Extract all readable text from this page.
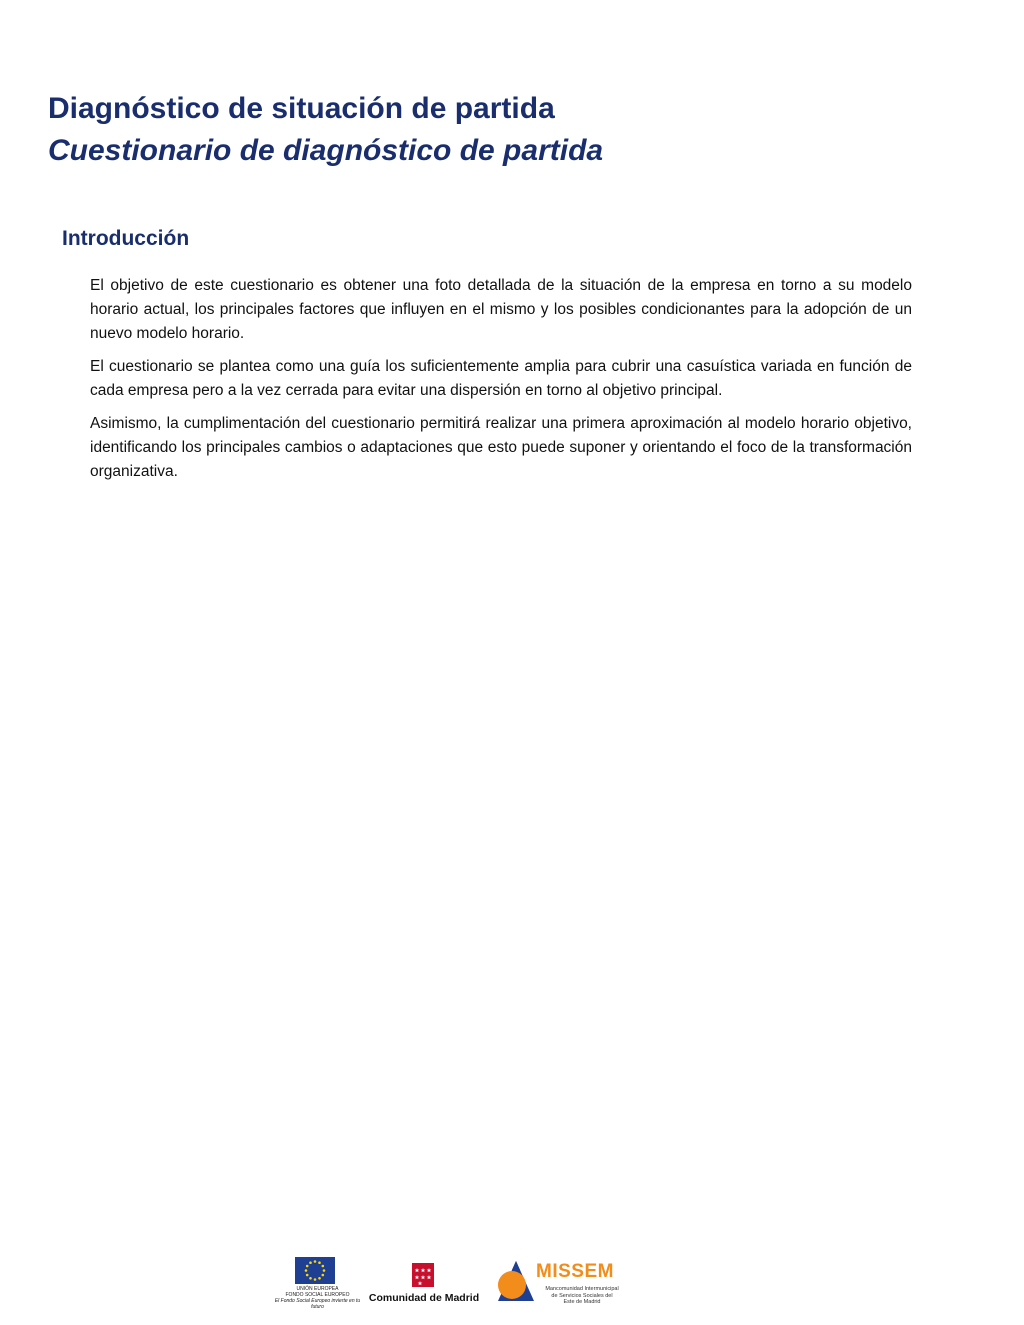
Diagnóstico de situación de partida
Cuestionario de diagnóstico de partida
Introducción

El objetivo de este cuestionario es obtener una foto detallada de la situación de la empresa en torno a su modelo horario actual, los principales factores que influyen en el mismo y los posibles condicionantes para la adopción de un nuevo modelo horario.

El cuestionario se plantea como una guía los suficientemente amplia para cubrir una casuística variada en función de cada empresa pero a la vez cerrada para evitar una dispersión en torno al objetivo principal.

Asimismo, la cumplimentación del cuestionario permitirá realizar una primera aproximación al modelo horario objetivo, identificando los principales cambios o adaptaciones que esto puede suponer y orientando el foco de la transformación organizativa.

UNIÓN EUROPEA
FONDO SOCIAL EUROPEO
El Fondo Social Europeo invierte en tu futuro
Comunidad de Madrid
MISSEM
Mancomunidad Intermunicipal
de Servicios Sociales del
Este de Madrid
